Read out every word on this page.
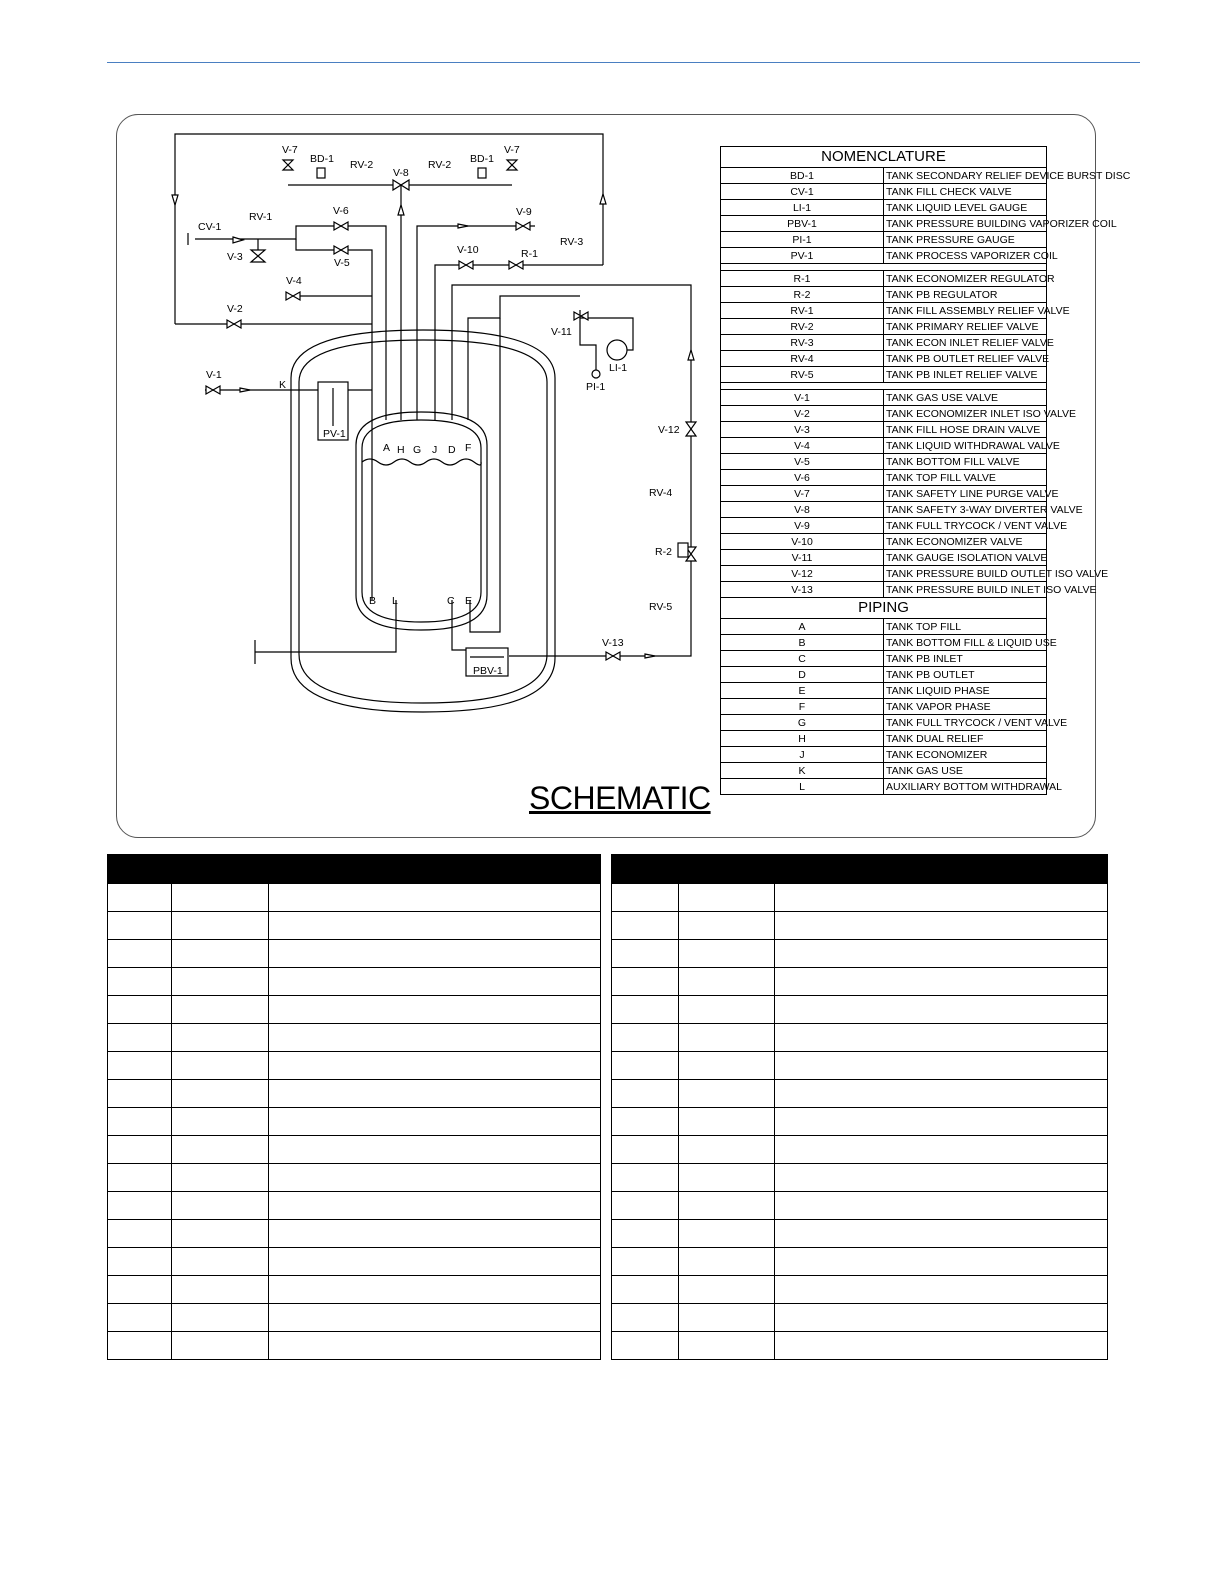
A H G J D F
B L	C E
K
V-7
BD-1 RV-2
V-8
RV-2 BD-1
V-7
CV-1
RV-1	V-6	V-9
V-3	V-5
V-10	R-1
RV-3
V-4
V-2
V-11
LI-1
PI-1
V-1
PV-1	V-12
RV-4
R-2
RV-5
V-13
PBV-1
NOMENCLATURE	
BD-1	TANK SECONDARY RELIEF DEVICE BURST DISC
CV-1	TANK FILL CHECK VALVE
LI-1	TANK LIQUID LEVEL GAUGE
PBV-1	TANK PRESSURE BUILDING VAPORIZER COIL
PI-1	TANK PRESSURE GAUGE
PV-1	TANK PROCESS VAPORIZER COIL

R-1	TANK ECONOMIZER REGULATOR
R-2	TANK PB REGULATOR
RV-1	TANK FILL ASSEMBLY RELIEF VALVE
RV-2	TANK PRIMARY RELIEF VALVE
RV-3	TANK ECON INLET RELIEF VALVE
RV-4	TANK PB OUTLET RELIEF VALVE
RV-5	TANK PB INLET RELIEF VALVE

V-1	TANK GAS USE VALVE
V-2	TANK ECONOMIZER INLET ISO VALVE
V-3	TANK FILL HOSE DRAIN VALVE
V-4	TANK LIQUID WITHDRAWAL VALVE
V-5	TANK BOTTOM FILL VALVE
V-6	TANK TOP FILL VALVE
V-7	TANK SAFETY LINE PURGE VALVE
V-8	TANK SAFETY 3-WAY DIVERTER VALVE
V-9	TANK FULL TRYCOCK / VENT VALVE
V-10	TANK ECONOMIZER VALVE
V-11	TANK GAUGE ISOLATION VALVE
V-12	TANK PRESSURE BUILD OUTLET ISO VALVE
V-13	TANK PRESSURE BUILD INLET ISO VALVE
PIPING	
A	TANK TOP FILL
B	TANK BOTTOM FILL & LIQUID USE
C	TANK PB INLET
D	TANK PB OUTLET
E	TANK LIQUID PHASE
F	TANK VAPOR PHASE
G	TANK FULL TRYCOCK / VENT VALVE
H	TANK DUAL RELIEF
J	TANK ECONOMIZER
K	TANK GAS USE
L	AUXILIARY BOTTOM WITHDRAWAL
SCHEMATIC
